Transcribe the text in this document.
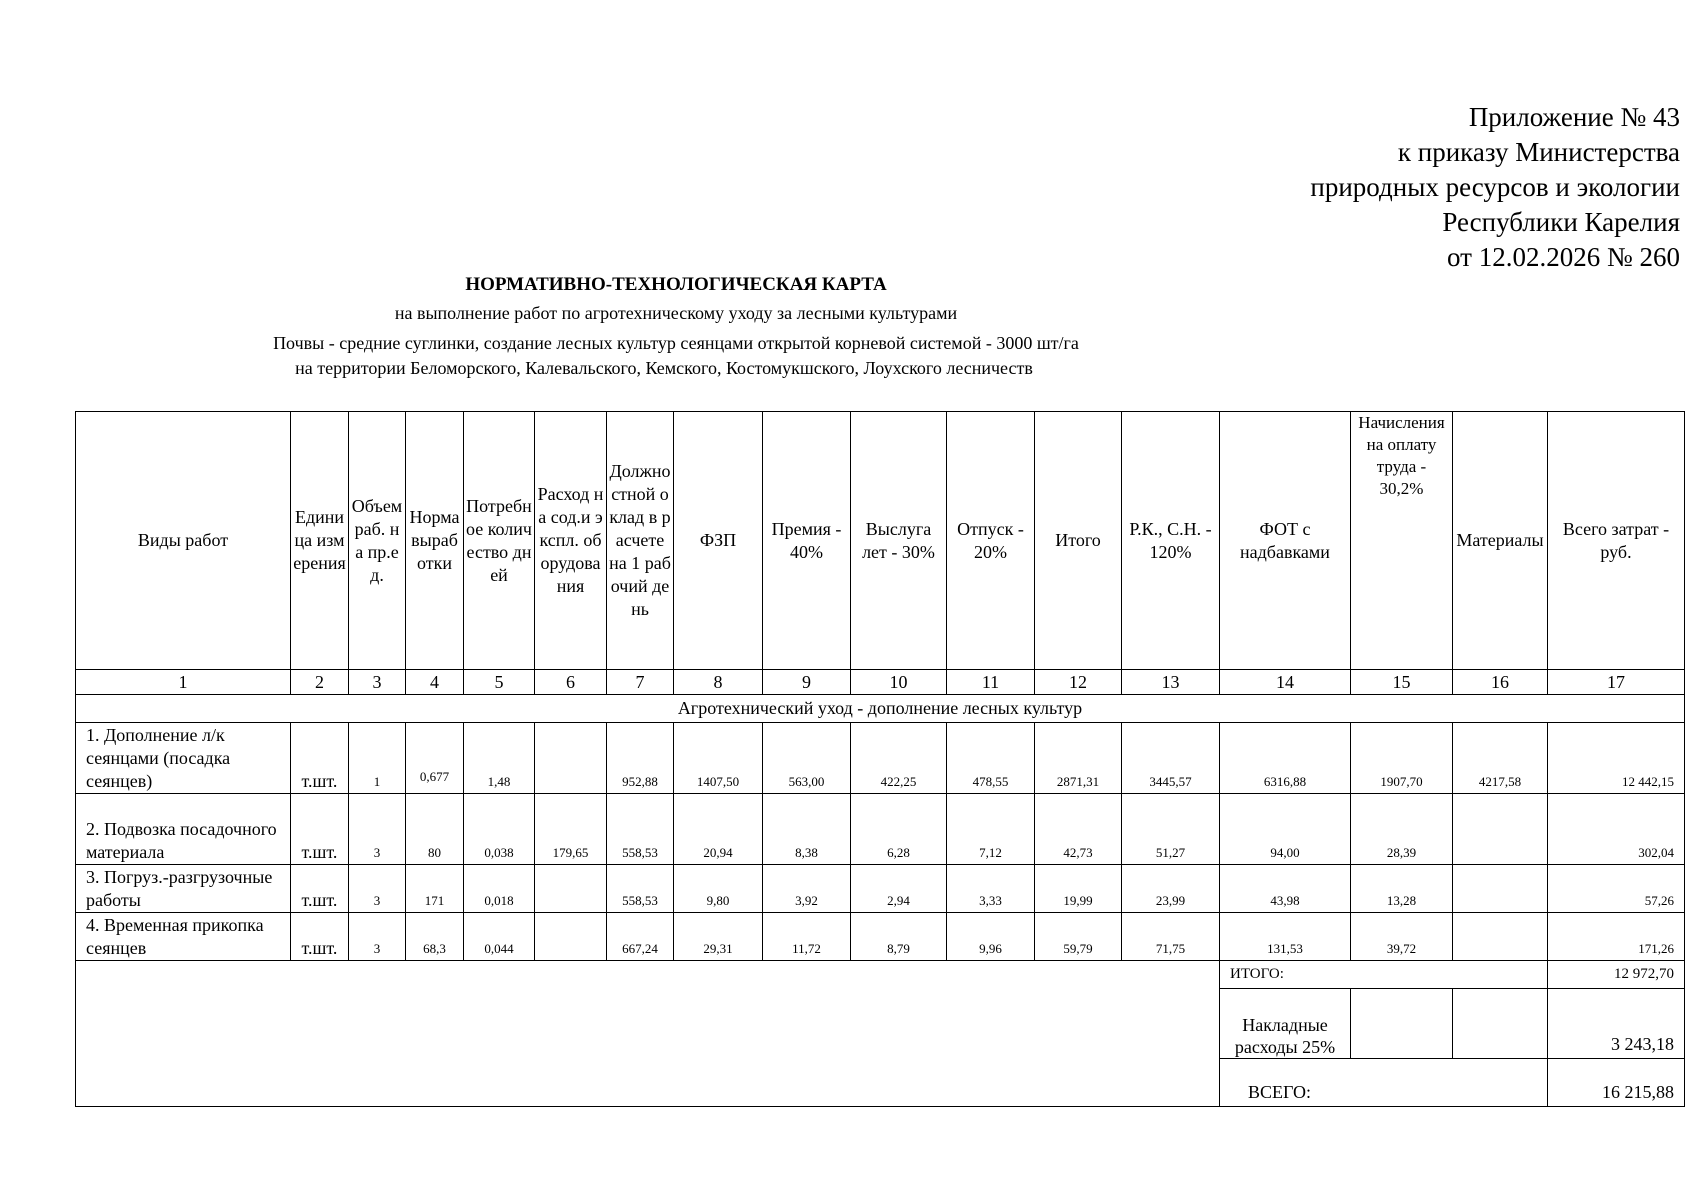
Приложение № 43
к приказу Министерства
природных ресурсов и экологии
Республики Карелия
от 12.02.2026 № 260
НОРМАТИВНО-ТЕХНОЛОГИЧЕСКАЯ КАРТА
на выполнение работ по агротехническому уходу за лесными культурами
Почвы - средние суглинки, создание лесных культур сеянцами открытой корневой системой - 3000 шт/га
на территории Беломорского, Калевальского, Кемского, Костомукшского, Лоухского лесничеств
Виды работ	Единица измерения	Объем раб. на пр.ед.	Норма выработки	Потребное количество дней	Расход на сод.и экспл. оборудования	Должностной оклад в расчете на 1 рабочий день	ФЗП	Премия - 40%	Выслуга лет - 30%	Отпуск - 20%	Итого	Р.К., С.Н. - 120%	ФОТ с надбавками	Начисления на оплату труда - 30,2%	Материалы	Всего затрат - руб.
1	2	3	4	5	6	7	8	9	10	11	12	13	14	15	16	17
Агротехнический уход - дополнение лесных культур																
1. Дополнение л/к сеянцами (посадка сеянцев)	т.шт.	1	0,677	1,48		952,88	1407,50	563,00	422,25	478,55	2871,31	3445,57	6316,88	1907,70	4217,58	12 442,15
2. Подвозка посадочного материала	т.шт.	3	80	0,038	179,65	558,53	20,94	8,38	6,28	7,12	42,73	51,27	94,00	28,39		302,04
3. Погруз.-разгрузочные работы	т.шт.	3	171	0,018		558,53	9,80	3,92	2,94	3,33	19,99	23,99	43,98	13,28		57,26
4. Временная прикопка сеянцев	т.шт.	3	68,3	0,044		667,24	29,31	11,72	8,79	9,96	59,79	71,75	131,53	39,72		171,26
													ИТОГО:			12 972,70
													Накладные расходы 25%			3 243,18
													ВСЕГО:			16 215,88
